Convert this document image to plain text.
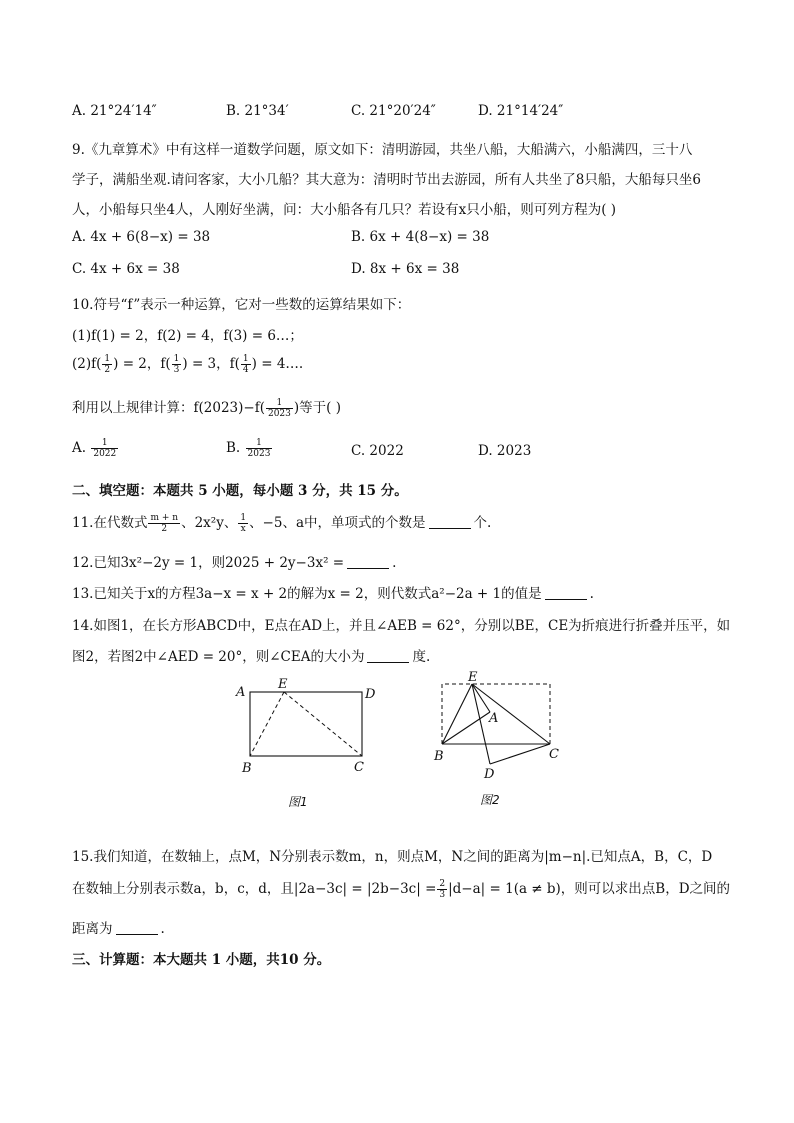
A. 21°24′14″	B. 21°34′	C. 21°20′24″	D. 21°14′24″
9.《九章算术》中有这样一道数学问题，原文如下：清明游园，共坐八船，大船满六，小船满四，三十八
学子，满船坐观.请问客家，大小几船？其大意为：清明时节出去游园，所有人共坐了8只船，大船每只坐6
人，小船每只坐4人，人刚好坐满，问：大小船各有几只？若设有x只小船，则可列方程为( )
A. 4x + 6(8−x) = 38	B. 6x + 4(8−x) = 38
C. 4x + 6x = 38	D. 8x + 6x = 38
10.符号“f”表示一种运算，它对一些数的运算结果如下：
(1)f(1) = 2，f(2) = 4，f(3) = 6…；
$(2)f( \frac{1}{2}$ ) = 2，$f( \frac{1}{3}$ ) = 3，$f( \frac{1}{4}$ ) = 4….
利用以上规律计算：$f(2023)-f( \frac{1}{2023}$ )等于( )
A. $\frac{1}{2022}$	B. $\frac{1}{2023}$	C. 2022	D. 2023
二、填空题：本题共 5 小题，每小题 3 分，共 15 分。
11.在代数式 $\frac{m + n}{2}$ 、2x²y、 $\frac{1}{x}$ 、−5、a中，单项式的个数是	个.
12.已知3x²−2y = 1，则2025 + 2y−3x² =	.
13.已知关于x的方程3a−x = x + 2的解为x = 2，则代数式a²−2a + 1的值是	.
14.如图1，在长方形ABCD中，E点在AD上，并且∠AEB = 62°，分别以BE，CE为折痕进行折叠并压平，如
图2，若图2中∠AED = 20°，则∠CEA的大小为	度.
A
E
D
B	C
图1
E
A
B	C
D
图2
15.我们知道，在数轴上，点M，N分别表示数m，n，则点M，N之间的距离为|m−n|.已知点A，B，C，D
在数轴上分别表示数a，b，c，d，且$|2a-3c| = |2b-3c| = \frac{2}{3} |d-a| = 1(a \ne b)$，则可以求出点B，D之间的
距离为	.
三、计算题：本大题共 1 小题，共10 分。
